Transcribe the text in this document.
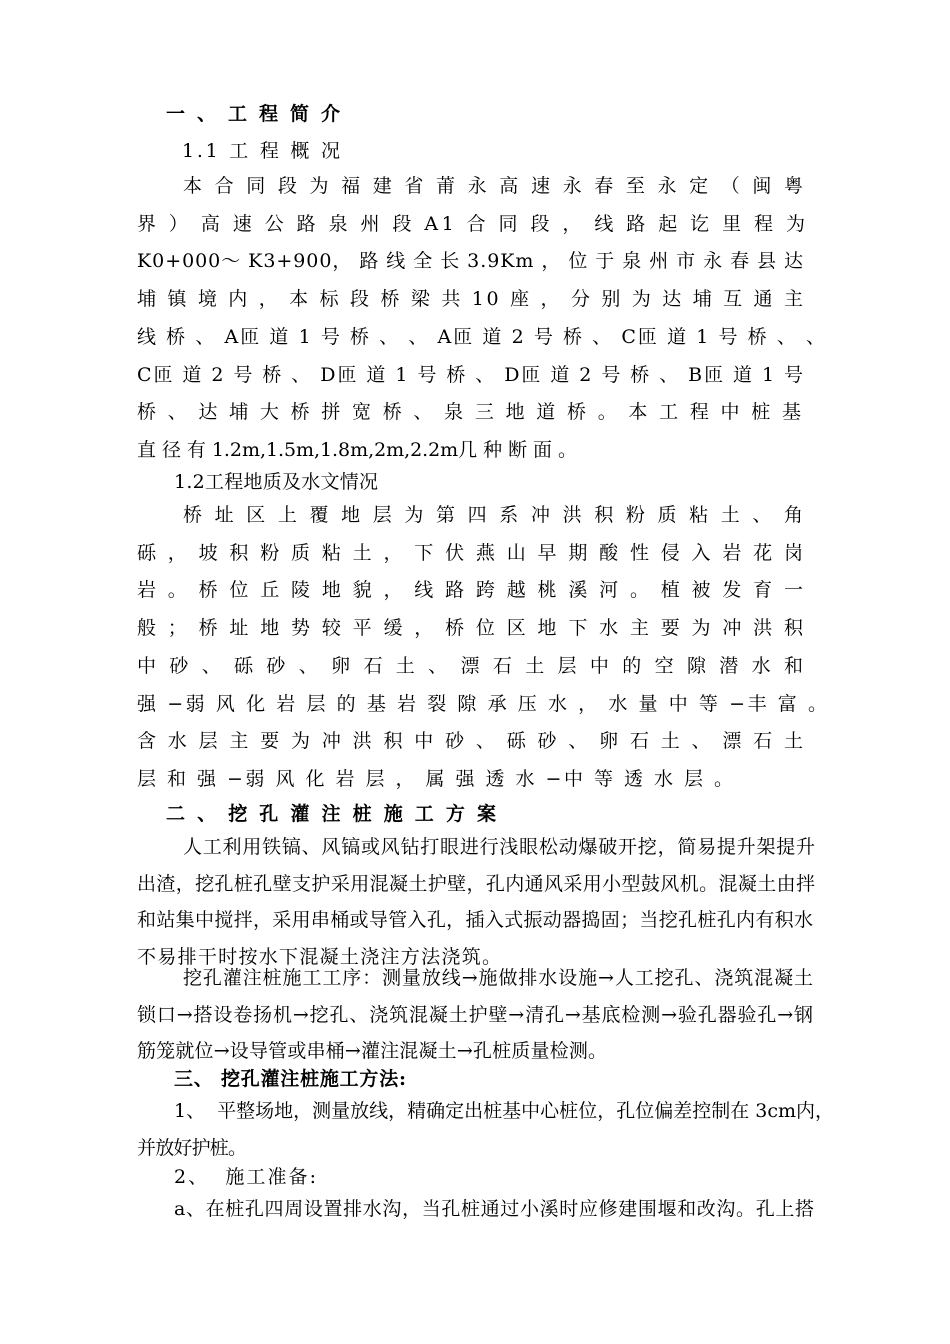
一 、 工 程 简 介
1.1 工 程 概 况
本 合 同 段 为 福 建 省 莆 永 高 速 永 春 至 永 定 （ 闽 粤
界 ） 高 速 公 路 泉 州 段 A1 合 同 段 ， 线 路 起 讫 里 程 为
K0+000～ K3+900， 路 线 全 长 3.9Km ， 位 于 泉 州 市 永 春 县 达
埔 镇 境 内 ， 本 标 段 桥 梁 共 10 座 ， 分 别 为 达 埔 互 通 主
线 桥 、 A匝 道 1 号 桥 、 、 A匝 道 2 号 桥 、 C匝 道 1 号 桥 、 、
C匝 道 2 号 桥 、 D匝 道 1 号 桥 、 D匝 道 2 号 桥 、 B匝 道 1 号
桥 、 达 埔 大 桥 拼 宽 桥 、 泉 三 地 道 桥 。 本 工 程 中 桩 基
直 径 有 1.2m,1.5m,1.8m,2m,2.2m几 种 断 面 。
1.2工程地质及水文情况
桥 址 区 上 覆 地 层 为 第 四 系 冲 洪 积 粉 质 粘 土 、 角
砾 ， 坡 积 粉 质 粘 土 ， 下 伏 燕 山 早 期 酸 性 侵 入 岩 花 岗
岩 。 桥 位 丘 陵 地 貌 ， 线 路 跨 越 桃 溪 河 。 植 被 发 育 一
般 ； 桥 址 地 势 较 平 缓 ， 桥 位 区 地 下 水 主 要 为 冲 洪 积
中 砂 、 砾 砂 、 卵 石 土 、 漂 石 土 层 中 的 空 隙 潜 水 和
强 −弱 风 化 岩 层 的 基 岩 裂 隙 承 压 水 ， 水 量 中 等 −丰 富 。
含 水 层 主 要 为 冲 洪 积 中 砂 、 砾 砂 、 卵 石 土 、 漂 石 土
层 和 强 −弱 风 化 岩 层 ， 属 强 透 水 −中 等 透 水 层 。
二 、 挖 孔 灌 注 桩 施 工 方 案
人工利用铁镐、风镐或风钻打眼进行浅眼松动爆破开挖，简易提升架提升
出渣，挖孔桩孔壁支护采用混凝土护壁，孔内通风采用小型鼓风机。混凝土由拌
和站集中搅拌，采用串桶或导管入孔，插入式振动器捣固；当挖孔桩孔内有积水
不易排干时按水下混凝土浇注方法浇筑。
挖孔灌注桩施工工序：测量放线→施做排水设施→人工挖孔、浇筑混凝土
锁口→搭设卷扬机→挖孔、浇筑混凝土护壁→清孔→基底检测→验孔器验孔→钢
筋笼就位→设导管或串桶→灌注混凝土→孔桩质量检测。
三、 挖孔灌注桩施工方法:
1、  平整场地，测量放线，精确定出桩基中心桩位，孔位偏差控制在 3cm内，
并放好护桩。
2、  施工准备:
a、在桩孔四周设置排水沟，当孔桩通过小溪时应修建围堰和改沟。孔上搭
